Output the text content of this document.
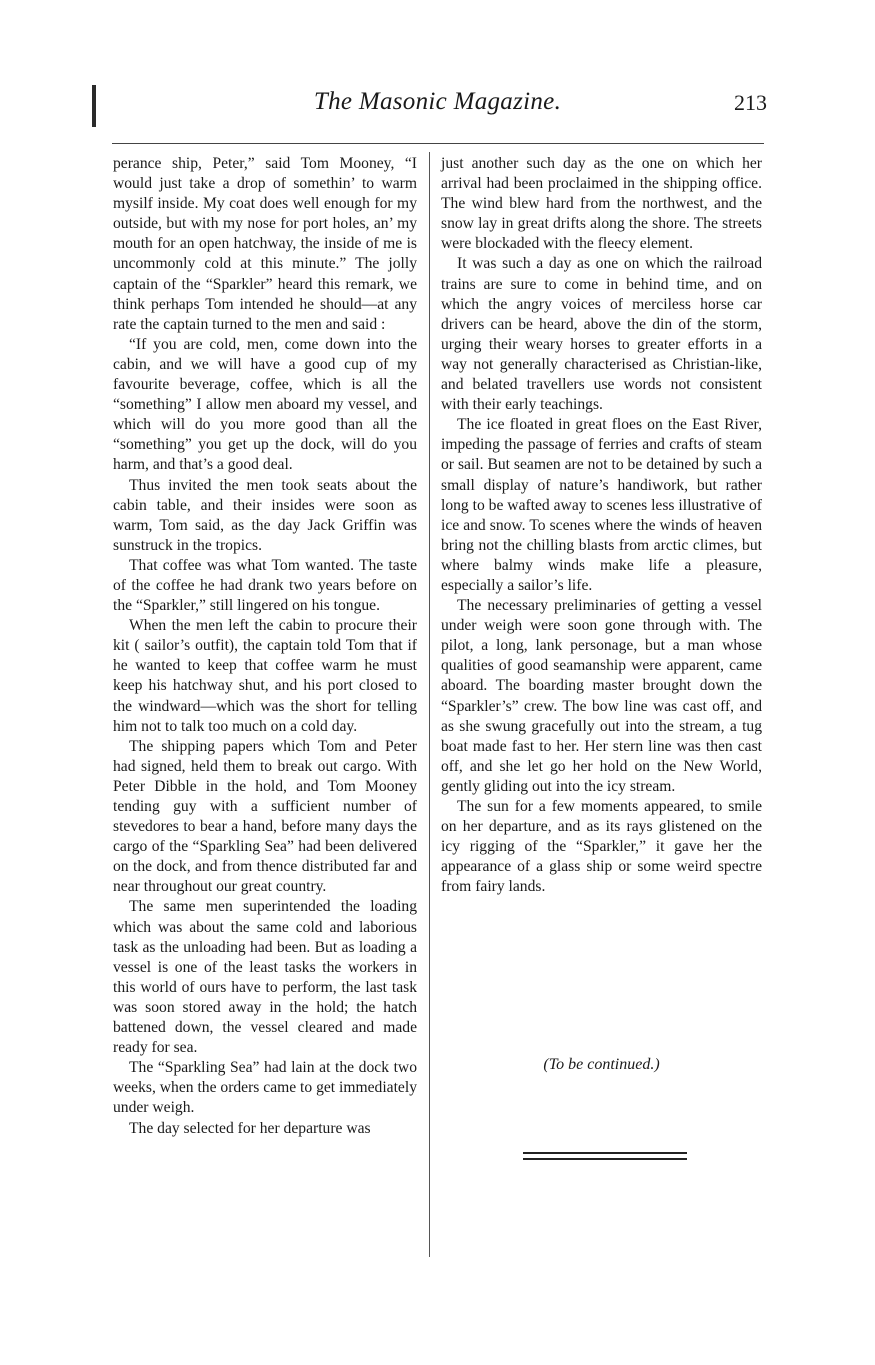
The Masonic Magazine.	213

perance ship, Peter,” said Tom Mooney, “I would just take a drop of somethin’ to warm mysilf inside. My coat does well enough for my outside, but with my nose for port holes, an’ my mouth for an open hatchway, the inside of me is uncommonly cold at this minute.” The jolly captain of the “Sparkler” heard this remark, we think perhaps Tom intended he should—at any rate the captain turned to the men and said :

“If you are cold, men, come down into the cabin, and we will have a good cup of my favourite beverage, coffee, which is all the “something” I allow men aboard my vessel, and which will do you more good than all the “something” you get up the dock, will do you harm, and that’s a good deal.

Thus invited the men took seats about the cabin table, and their insides were soon as warm, Tom said, as the day Jack Griffin was sunstruck in the tropics.

That coffee was what Tom wanted. The taste of the coffee he had drank two years before on the “Sparkler,” still lingered on his tongue.

When the men left the cabin to procure their kit ( sailor’s outfit), the captain told Tom that if he wanted to keep that coffee warm he must keep his hatchway shut, and his port closed to the windward—which was the short for telling him not to talk too much on a cold day.

The shipping papers which Tom and Peter had signed, held them to break out cargo. With Peter Dibble in the hold, and Tom Mooney tending guy with a sufficient number of stevedores to bear a hand, before many days the cargo of the “Sparkling Sea” had been delivered on the dock, and from thence distributed far and near throughout our great country.

The same men superintended the loading which was about the same cold and laborious task as the unloading had been. But as loading a vessel is one of the least tasks the workers in this world of ours have to perform, the last task was soon stored away in the hold; the hatch battened down, the vessel cleared and made ready for sea.

The “Sparkling Sea” had lain at the dock two weeks, when the orders came to get immediately under weigh.

The day selected for her departure was

just another such day as the one on which her arrival had been proclaimed in the shipping office. The wind blew hard from the northwest, and the snow lay in great drifts along the shore. The streets were blockaded with the fleecy element.

It was such a day as one on which the railroad trains are sure to come in behind time, and on which the angry voices of merciless horse car drivers can be heard, above the din of the storm, urging their weary horses to greater efforts in a way not generally characterised as Christian-like, and belated travellers use words not consistent with their early teachings.

The ice floated in great floes on the East River, impeding the passage of ferries and crafts of steam or sail. But seamen are not to be detained by such a small display of nature’s handiwork, but rather long to be wafted away to scenes less illustrative of ice and snow. To scenes where the winds of heaven bring not the chilling blasts from arctic climes, but where balmy winds make life a pleasure, especially a sailor’s life.

The necessary preliminaries of getting a vessel under weigh were soon gone through with. The pilot, a long, lank personage, but a man whose qualities of good seamanship were apparent, came aboard. The boarding master brought down the “Sparkler’s” crew. The bow line was cast off, and as she swung gracefully out into the stream, a tug boat made fast to her. Her stern line was then cast off, and she let go her hold on the New World, gently gliding out into the icy stream.

The sun for a few moments appeared, to smile on her departure, and as its rays glistened on the icy rigging of the “Sparkler,” it gave her the appearance of a glass ship or some weird spectre from fairy lands.

(To be continued.)
